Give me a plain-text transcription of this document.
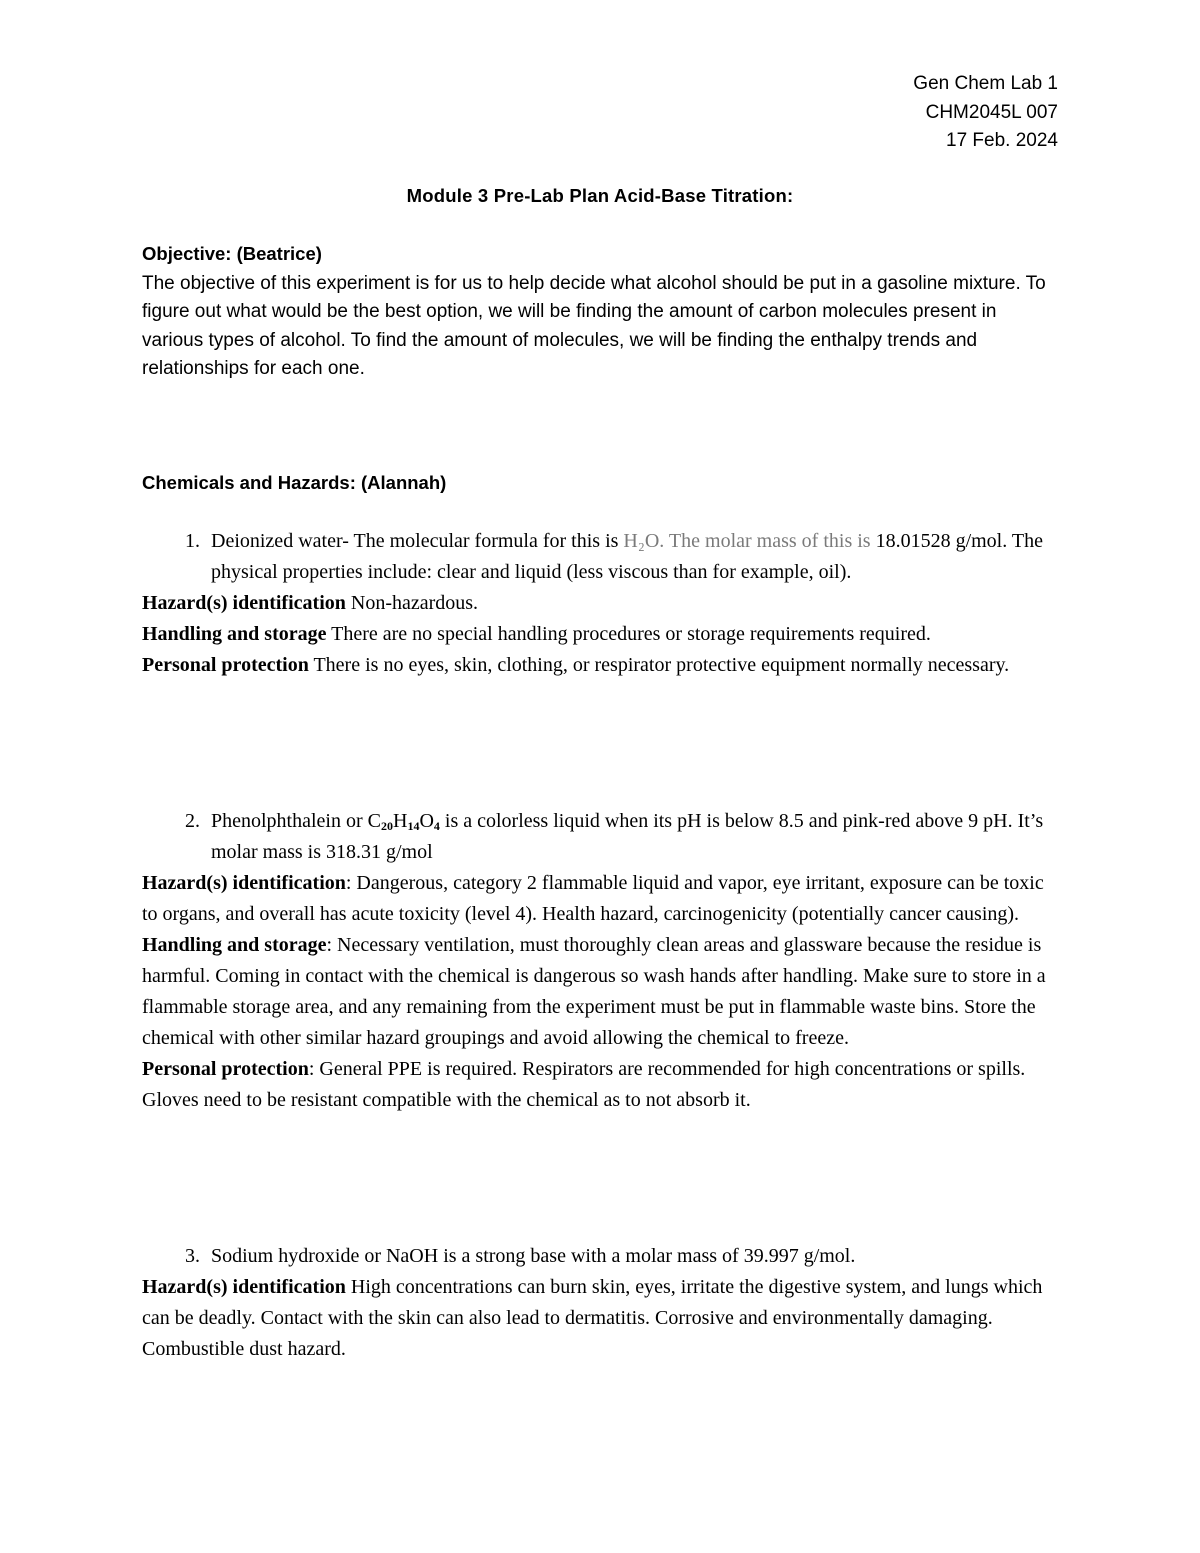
Gen Chem Lab 1
CHM2045L 007
17 Feb. 2024
Module 3 Pre-Lab Plan Acid-Base Titration:
Objective: (Beatrice)
The objective of this experiment is for us to help decide what alcohol should be put in a gasoline mixture. To figure out what would be the best option, we will be finding the amount of carbon molecules present in various types of alcohol. To find the amount of molecules, we will be finding the enthalpy trends and relationships for each one.
Chemicals and Hazards: (Alannah)
1. Deionized water- The molecular formula for this is H₂O. The molar mass of this is 18.01528 g/mol. The physical properties include: clear and liquid (less viscous than for example, oil).

Hazard(s) identification Non-hazardous.

Handling and storage There are no special handling procedures or storage requirements required.

Personal protection There is no eyes, skin, clothing, or respirator protective equipment normally necessary.

2. Phenolphthalein or $C_{20}H_{14}O_4$ is a colorless liquid when its pH is below 8.5 and pink-red above 9 pH. It’s molar mass is 318.31 g/mol

Hazard(s) identification: Dangerous, category 2 flammable liquid and vapor, eye irritant, exposure can be toxic to organs, and overall has acute toxicity (level 4). Health hazard, carcinogenicity (potentially cancer causing).

Handling and storage: Necessary ventilation, must thoroughly clean areas and glassware because the residue is harmful. Coming in contact with the chemical is dangerous so wash hands after handling. Make sure to store in a flammable storage area, and any remaining from the experiment must be put in flammable waste bins. Store the chemical with other similar hazard groupings and avoid allowing the chemical to freeze.

Personal protection: General PPE is required. Respirators are recommended for high concentrations or spills. Gloves need to be resistant compatible with the chemical as to not absorb it.

3. Sodium hydroxide or NaOH is a strong base with a molar mass of 39.997 g/mol.

Hazard(s) identification High concentrations can burn skin, eyes, irritate the digestive system, and lungs which can be deadly. Contact with the skin can also lead to dermatitis. Corrosive and environmentally damaging. Combustible dust hazard.
